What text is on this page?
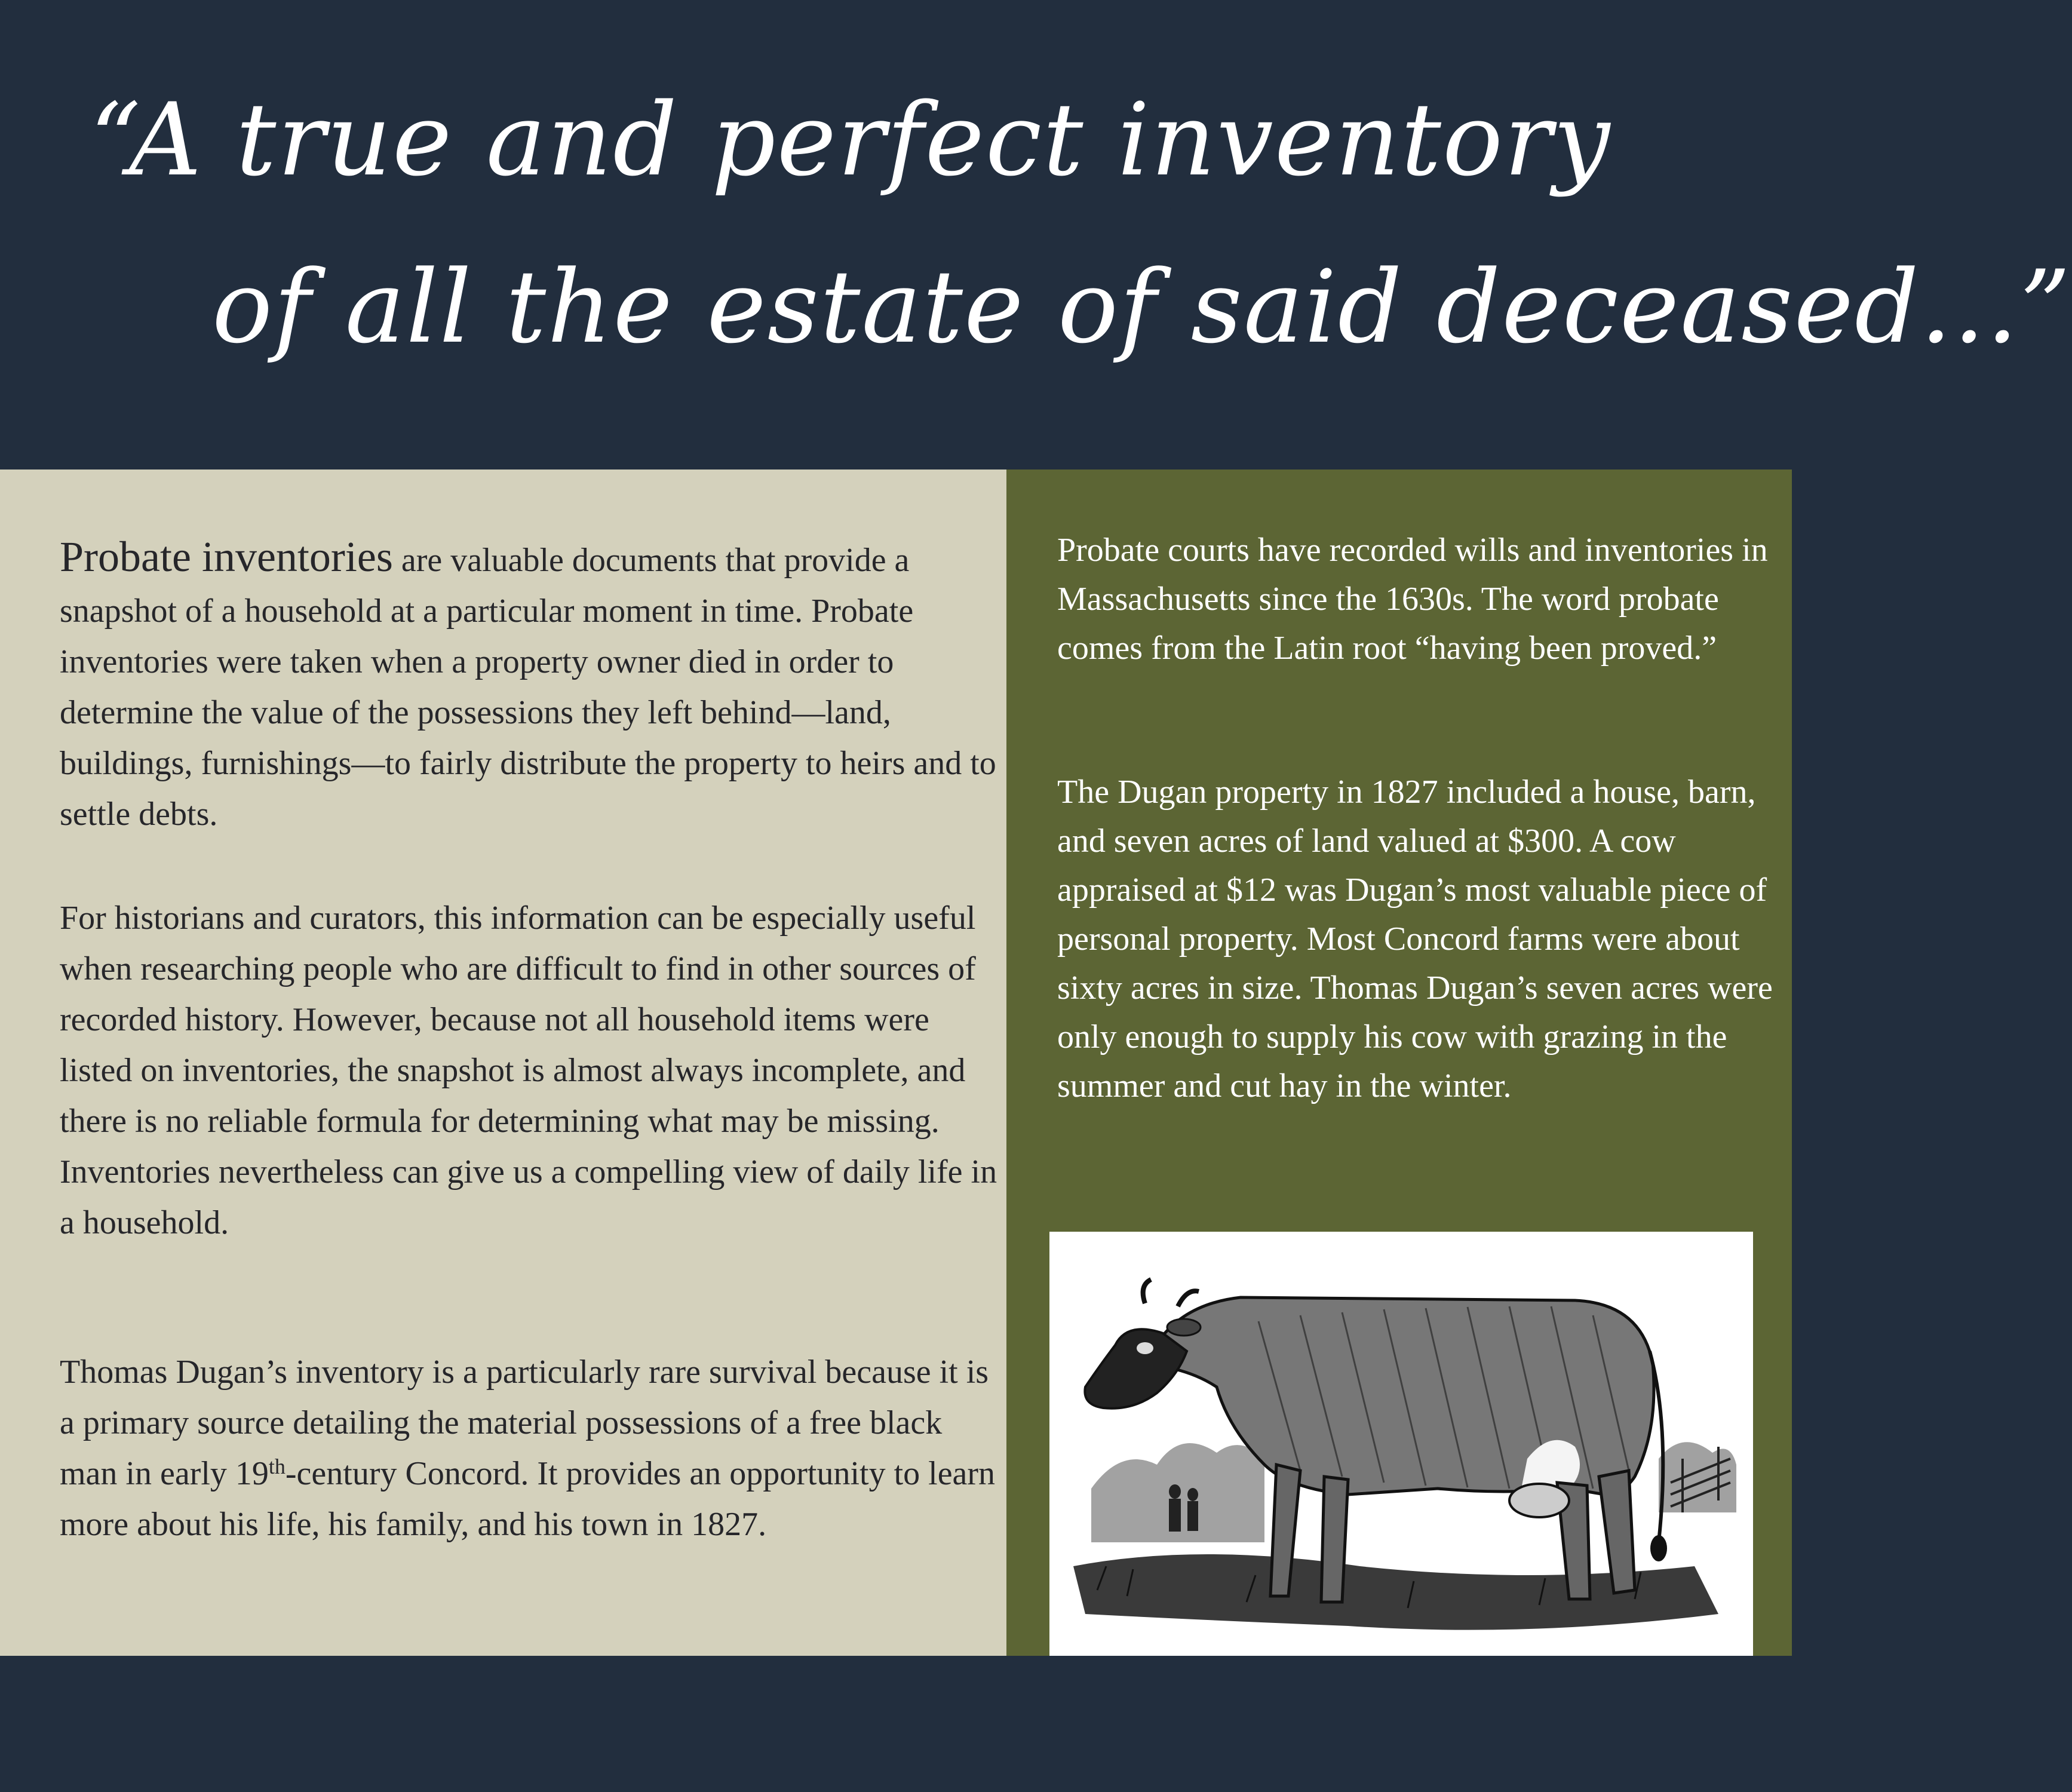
“A true and perfect inventory
of all the estate of said deceased...”

Probate inventories are valuable documents that provide a snapshot of a household at a particular moment in time. Probate inventories were taken when a property owner died in order to determine the value of the possessions they left behind—land, buildings, furnishings—to fairly distribute the property to heirs and to settle debts.

For historians and curators, this information can be especially useful when researching people who are difficult to find in other sources of recorded history. However, because not all household items were listed on inventories, the snapshot is almost always incomplete, and there is no reliable formula for determining what may be missing. Inventories nevertheless can give us a compelling view of daily life in a household.

Thomas Dugan’s inventory is a particularly rare survival because it is a primary source detailing the material possessions of a free black man in early 19th-century Concord. It provides an opportunity to learn more about his life, his family, and his town in 1827.

Probate courts have recorded wills and inventories in Massachusetts since the 1630s. The word probate comes from the Latin root “having been proved.”

The Dugan property in 1827 included a house, barn, and seven acres of land valued at $300. A cow appraised at $12 was Dugan’s most valuable piece of personal property. Most Concord farms were about sixty acres in size. Thomas Dugan’s seven acres were only enough to supply his cow with grazing in the summer and cut hay in the winter.
